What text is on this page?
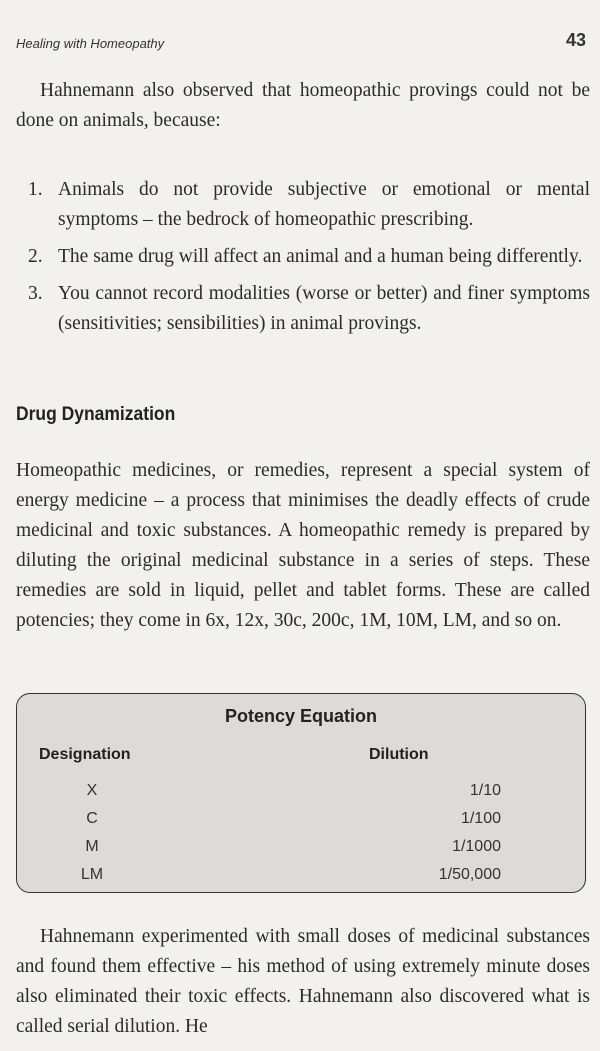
Healing with Homeopathy	43

Hahnemann also observed that homeopathic provings could not be done on animals, because:

1. Animals do not provide subjective or emotional or mental symptoms – the bedrock of homeopathic prescribing.
2. The same drug will affect an animal and a human being differently.
3. You cannot record modalities (worse or better) and finer symptoms (sensitivities; sensibilities) in animal provings.
Drug Dynamization

Homeopathic medicines, or remedies, represent a special system of energy medicine – a process that minimises the deadly effects of crude medicinal and toxic substances. A homeopathic remedy is prepared by diluting the original medicinal substance in a series of steps. These remedies are sold in liquid, pellet and tablet forms. These are called potencies; they come in 6x, 12x, 30c, 200c, 1M, 10M, LM, and so on.

Potency Equation
Designation	Dilution
X	1/10
C	1/100
M	1/1000
LM	1/50,000

Hahnemann experimented with small doses of medicinal substances and found them effective – his method of using extremely minute doses also eliminated their toxic effects. Hahnemann also discovered what is called serial dilution. He
